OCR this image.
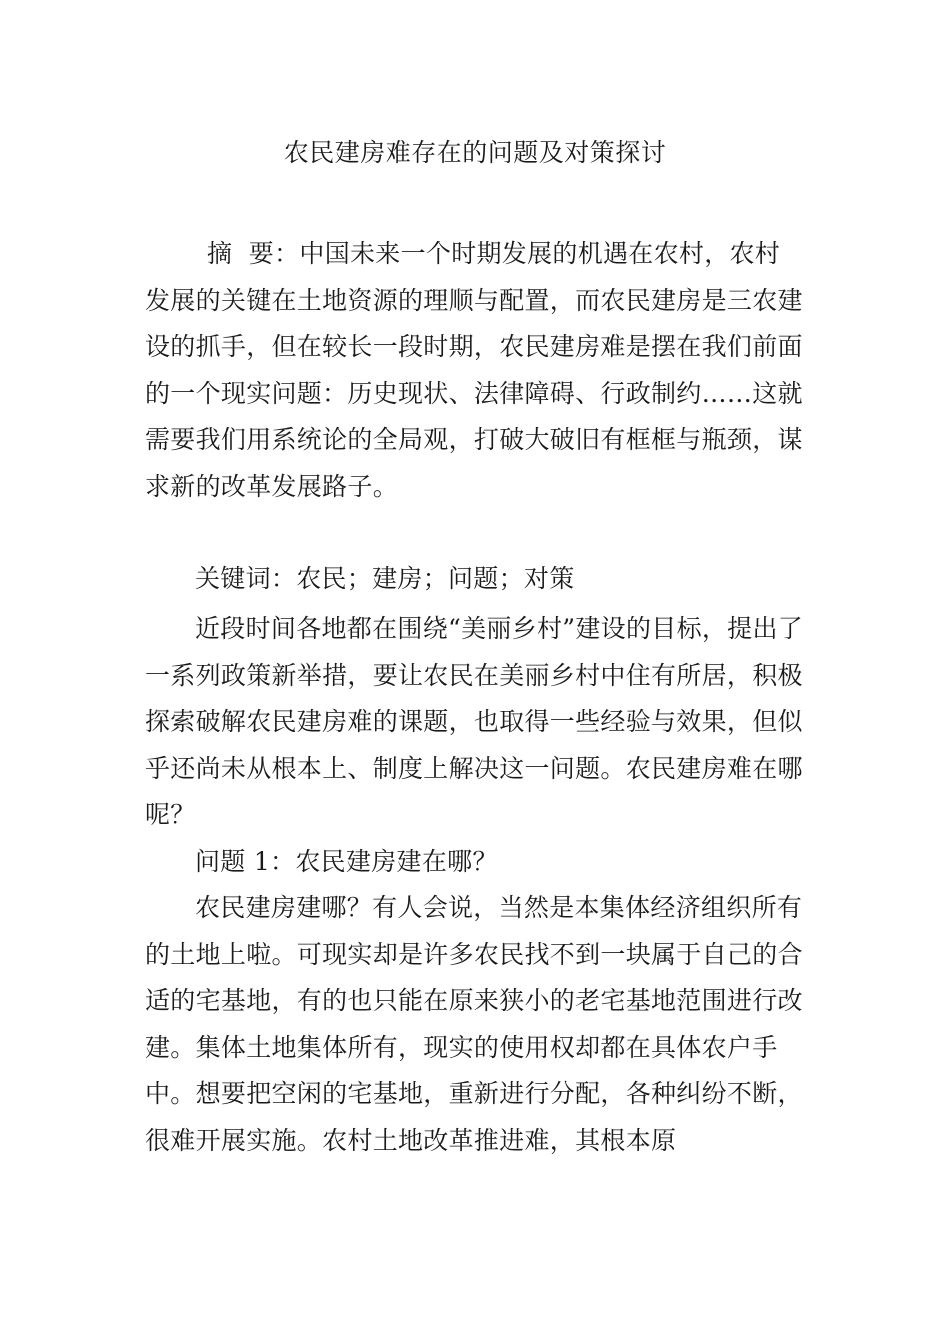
农民建房难存在的问题及对策探讨

摘  要：中国未来一个时期发展的机遇在农村，农村发展的关键在土地资源的理顺与配置，而农民建房是三农建设的抓手，但在较长一段时期，农民建房难是摆在我们前面的一个现实问题：历史现状、法律障碍、行政制约……这就需要我们用系统论的全局观，打破大破旧有框框与瓶颈，谋求新的改革发展路子。

关键词：农民；建房；问题；对策

近段时间各地都在围绕“美丽乡村”建设的目标，提出了一系列政策新举措，要让农民在美丽乡村中住有所居，积极探索破解农民建房难的课题，也取得一些经验与效果，但似乎还尚未从根本上、制度上解决这一问题。农民建房难在哪呢？

问题 1：农民建房建在哪？

农民建房建哪？有人会说，当然是本集体经济组织所有的土地上啦。可现实却是许多农民找不到一块属于自己的合适的宅基地，有的也只能在原来狭小的老宅基地范围进行改建。集体土地集体所有，现实的使用权却都在具体农户手中。想要把空闲的宅基地，重新进行分配，各种纠纷不断，很难开展实施。农村土地改革推进难，其根本原
